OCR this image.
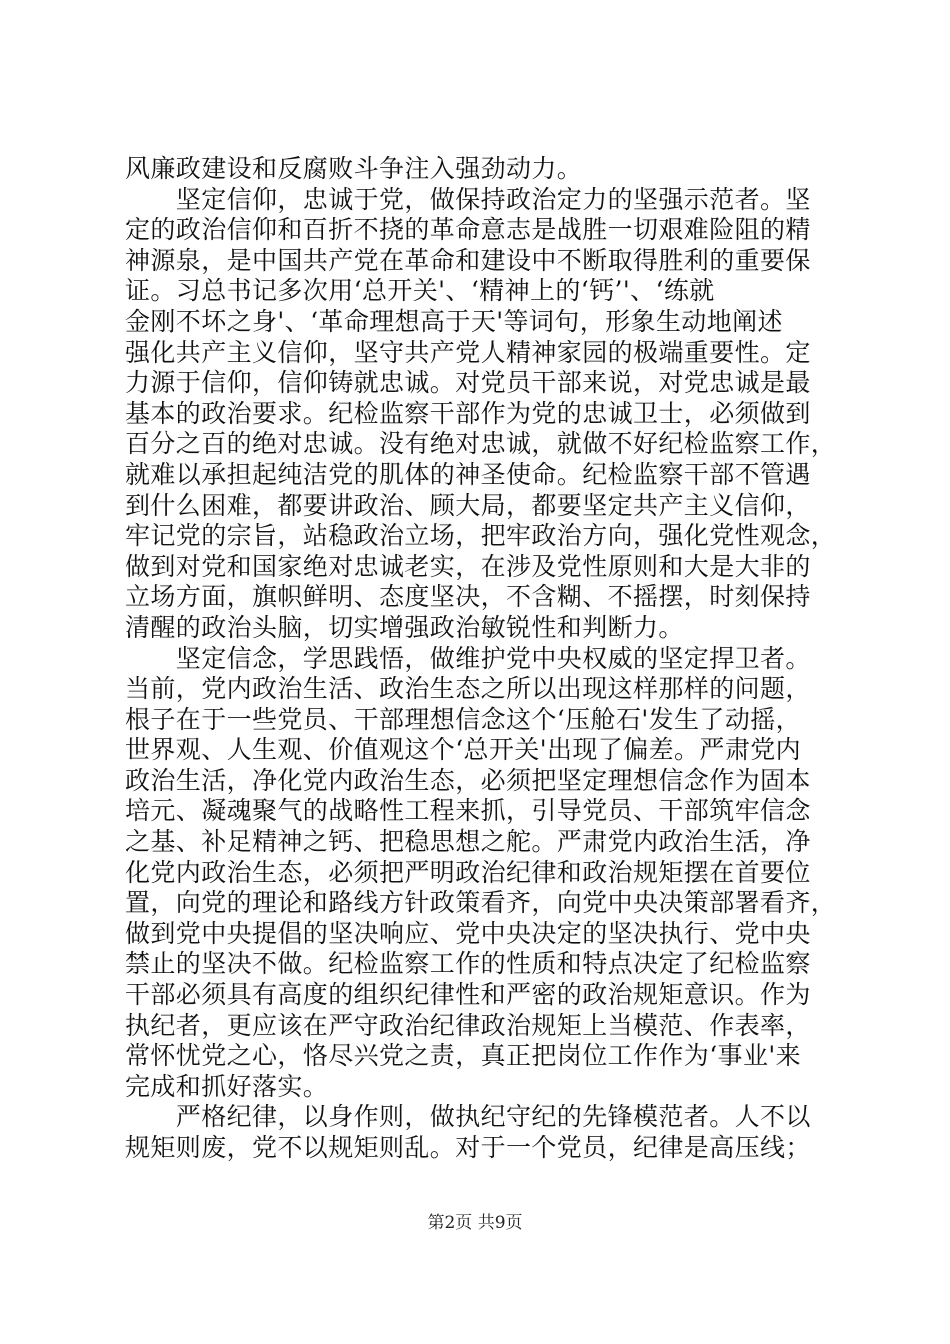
风廉政建设和反腐败斗争注入强劲动力。
　　坚定信仰，忠诚于党，做保持政治定力的坚强示范者。坚
定的政治信仰和百折不挠的革命意志是战胜一切艰难险阻的精
神源泉，是中国共产党在革命和建设中不断取得胜利的重要保
证。习总书记多次用‘总开关'、‘精神上的‘钙’'、‘练就
金刚不坏之身'、‘革命理想高于天'等词句，形象生动地阐述
强化共产主义信仰，坚守共产党人精神家园的极端重要性。定
力源于信仰，信仰铸就忠诚。对党员干部来说，对党忠诚是最
基本的政治要求。纪检监察干部作为党的忠诚卫士，必须做到
百分之百的绝对忠诚。没有绝对忠诚，就做不好纪检监察工作，
就难以承担起纯洁党的肌体的神圣使命。纪检监察干部不管遇
到什么困难，都要讲政治、顾大局，都要坚定共产主义信仰，
牢记党的宗旨，站稳政治立场，把牢政治方向，强化党性观念，
做到对党和国家绝对忠诚老实，在涉及党性原则和大是大非的
立场方面，旗帜鲜明、态度坚决，不含糊、不摇摆，时刻保持
清醒的政治头脑，切实增强政治敏锐性和判断力。
　　坚定信念，学思践悟，做维护党中央权威的坚定捍卫者。
当前，党内政治生活、政治生态之所以出现这样那样的问题，
根子在于一些党员、干部理想信念这个‘压舱石'发生了动摇，
世界观、人生观、价值观这个‘总开关'出现了偏差。严肃党内
政治生活，净化党内政治生态，必须把坚定理想信念作为固本
培元、凝魂聚气的战略性工程来抓，引导党员、干部筑牢信念
之基、补足精神之钙、把稳思想之舵。严肃党内政治生活，净
化党内政治生态，必须把严明政治纪律和政治规矩摆在首要位
置，向党的理论和路线方针政策看齐，向党中央决策部署看齐，
做到党中央提倡的坚决响应、党中央决定的坚决执行、党中央
禁止的坚决不做。纪检监察工作的性质和特点决定了纪检监察
干部必须具有高度的组织纪律性和严密的政治规矩意识。作为
执纪者，更应该在严守政治纪律政治规矩上当模范、作表率，
常怀忧党之心，恪尽兴党之责，真正把岗位工作作为‘事业'来
完成和抓好落实。
　　严格纪律，以身作则，做执纪守纪的先锋模范者。人不以
规矩则废，党不以规矩则乱。对于一个党员，纪律是高压线；
第2页 共9页
